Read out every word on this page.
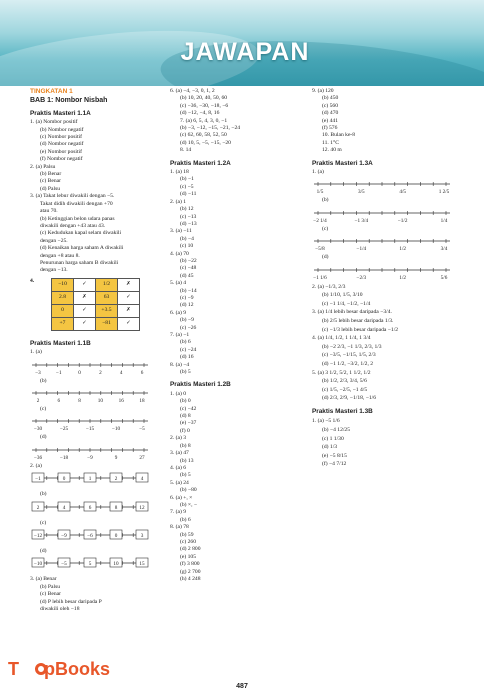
JAWAPAN
TINGKATAN 1
BAB 1: Nombor Nisbah
Praktis Masteri 1.1A
1. (a) Nombor positif
(b) Nombor negatif
(c) Nombor positif
(d) Nombor negatif
(e) Nombor positif
(f) Nombor negatif
2. (a) Palsu
(b) Benar
(c) Benar
(d) Palsu
3. (a) Takat lebur diwakili dengan −5.
Takat didih diwakili dengan +70
atau 70.
(b) Ketinggian belon udara panas
diwakili dengan +43 atau 43.
(c) Kedudukan kapal selam diwakili
dengan −25.
(d) Kenaikan harga saham A diwakili
dengan +8 atau 8.
Penurunan harga saham B diwakili
dengan −13.
4.
−10	✓	1/2	✗
2.8	✗	63	✓
0	✓	+3.5	✗
+7	✓	−81	✓
Praktis Masteri 1.1B
1. (a)
−3	−1	0	2	4	6
(b)
2	6	8	10	16	18
(c)
−30	−25	−15	−10	−5
(d)
−36	−18	−9	9	27
2. (a)
−1	0	1	2	4
(b)
2	4	6	8	12
(c)
−12	−9	−6	0	3
(d)
−10	−5	5	10	15
3. (a) Benar
(b) Palsu
(c) Benar
(d) P lebih besar daripada P
diwakili oleh −18
6. (a) −4, −3, 0, 1, 2
(b) 10, 20, 40, 50, 60
(c) −36, −30, −18, −6
(d) −12, −4, 8, 16
7. (a) 6, 5, 4, 3, 0, −1
(b) −3, −12, −15, −21, −24
(c) 62, 60, 58, 52, 50
(d) 10, 5, −5, −15, −20
8. 14
Praktis Masteri 1.2A
1. (a) 18
(b) −1
(c) −5
(d) −11
2. (a) 1
(b) 12
(c) −13
(d) −13
3. (a) −11
(b) −4
(c) 10
4. (a) 70
(b) −22
(c) −48
(d) 45
5. (a) 4
(b) −14
(c) −9
(d) 12
6. (a) 9
(b) −9
(c) −26
7. (a) −1
(b) 6
(c) −24
(d) 16
8. (a) −4
(b) 5
Praktis Masteri 1.2B
1. (a) 0
(b) 0
(c) −42
(d) 8
(e) −37
(f) 0
2. (a) 3
(b) 8
3. (a) 47
(b) 13
4. (a) 6
(b) 5
5. (a) 24
(b) −80
6. (a) +, ×
(b) ×, −
7. (a) 9
(b) 6
8. (a) 78
(b) 59
(c) 260
(d) 2 800
(e) 105
(f) 3 800
(g) 2 700
(h) 4 248
9. (a) 120
(b) 450
(c) 560
(d) 470
(e) 441
(f) 576
10. Bulan ke-8
11. 1°C
12. 40 m
Praktis Masteri 1.3A
1. (a)
1/5	3/5	4/5	1 2/5
(b)
−2 1/4	−1 3/4	−1/2	1/4
(c)
−5/8	−1/4	1/2	3/4
(d)
−1 1/6	−2/3	1/2	5/6
2. (a) −1/3, 2/3
(b) 1/10, 1/5, 3/10
(c) −1 1/4, −1/2, −1/4
3. (a) 1/4 lebih besar daripada −3/4.
(b) 2/5 lebih besar daripada 1/3.
(c) −1/3 lebih besar daripada −1/2
4. (a) 1/4, 1/2, 1 1/4, 1 3/4
(b) −2 2/3, −1 1/3, 2/3, 1/3
(c) −3/5, −1/15, 1/5, 2/3
(d) −1 1/2, −3/2, 1/2, 2
5. (a) 3 1/2, 5/2, 1 1/2, 1/2
(b) 1/2, 2/3, 3/4, 5/6
(c) 1/5, −2/5, −1 4/5
(d) 2/3, 2/9, −1/18, −1/6
Praktis Masteri 1.3B
1. (a) −5 1/6
(b) −4 12/25
(c) 1 1/30
(d) 1/3
(e) −5 8/15
(f) −4 7/12
487
T pBooks
